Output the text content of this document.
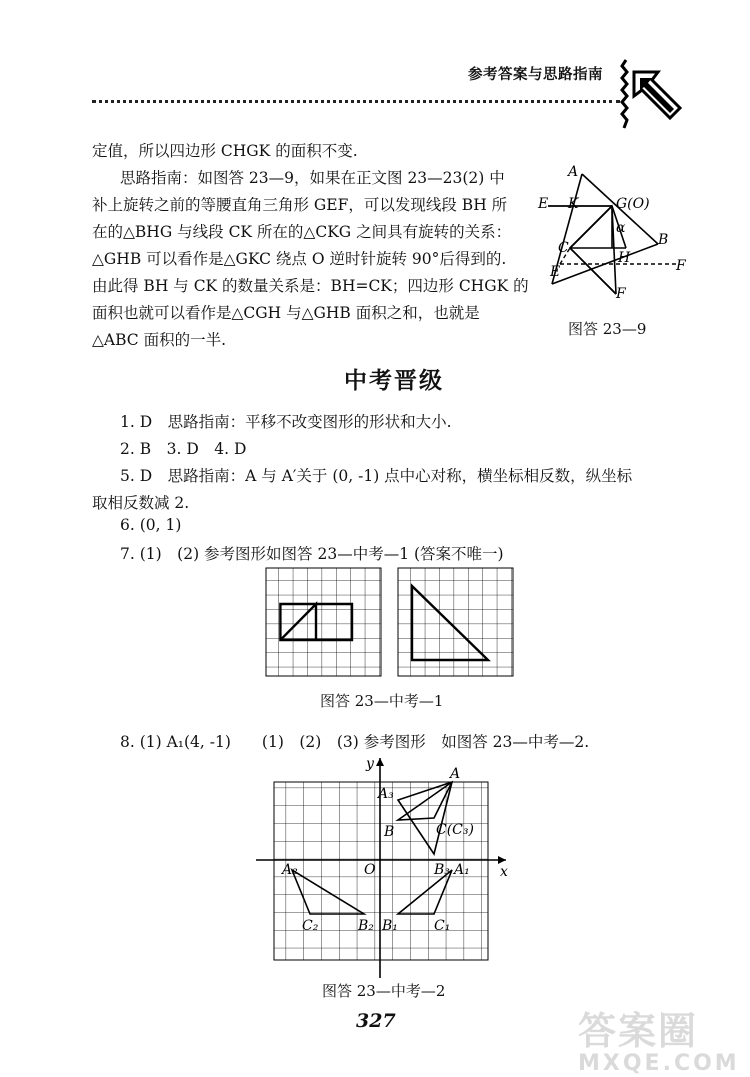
参考答案与思路指南
定值，所以四边形 CHGK 的面积不变.
思路指南：如图答 23—9，如果在正文图 23—23(2) 中
补上旋转之前的等腰直角三角形 GEF，可以发现线段 BH 所
在的△BHG 与线段 CK 所在的△CKG 之间具有旋转的关系：
△GHB 可以看作是△GKC 绕点 O 逆时针旋转 90°后得到的.
由此得 BH 与 CK 的数量关系是：BH=CK；四边形 CHGK 的
面积也就可以看作是△CGH 与△GHB 面积之和，也就是
△ABC 面积的一半.
A
E K	G(O)
α
B
C
H
E	F
F
图答 23—9
中考晋级
1. D　思路指南：平移不改变图形的形状和大小.
2. B　3. D　4. D
5. D　思路指南：A 与 A′关于 (0, -1) 点中心对称，横坐标相反数，纵坐标
取相反数减 2.
6. (0, 1)
7. (1)　(2) 参考图形如图答 23—中考—1 (答案不唯一)
图答 23—中考—1
8. (1) A₁(4, -1)　　(1)　(2)　(3) 参考图形　如图答 23—中考—2.
y
x
O
A
A₃
B	C(C₃)
A₂	B₃ A₁
C₂	B₂ B₁	C₁
图答 23—中考—2
327	答案圈
MXQE.COM
